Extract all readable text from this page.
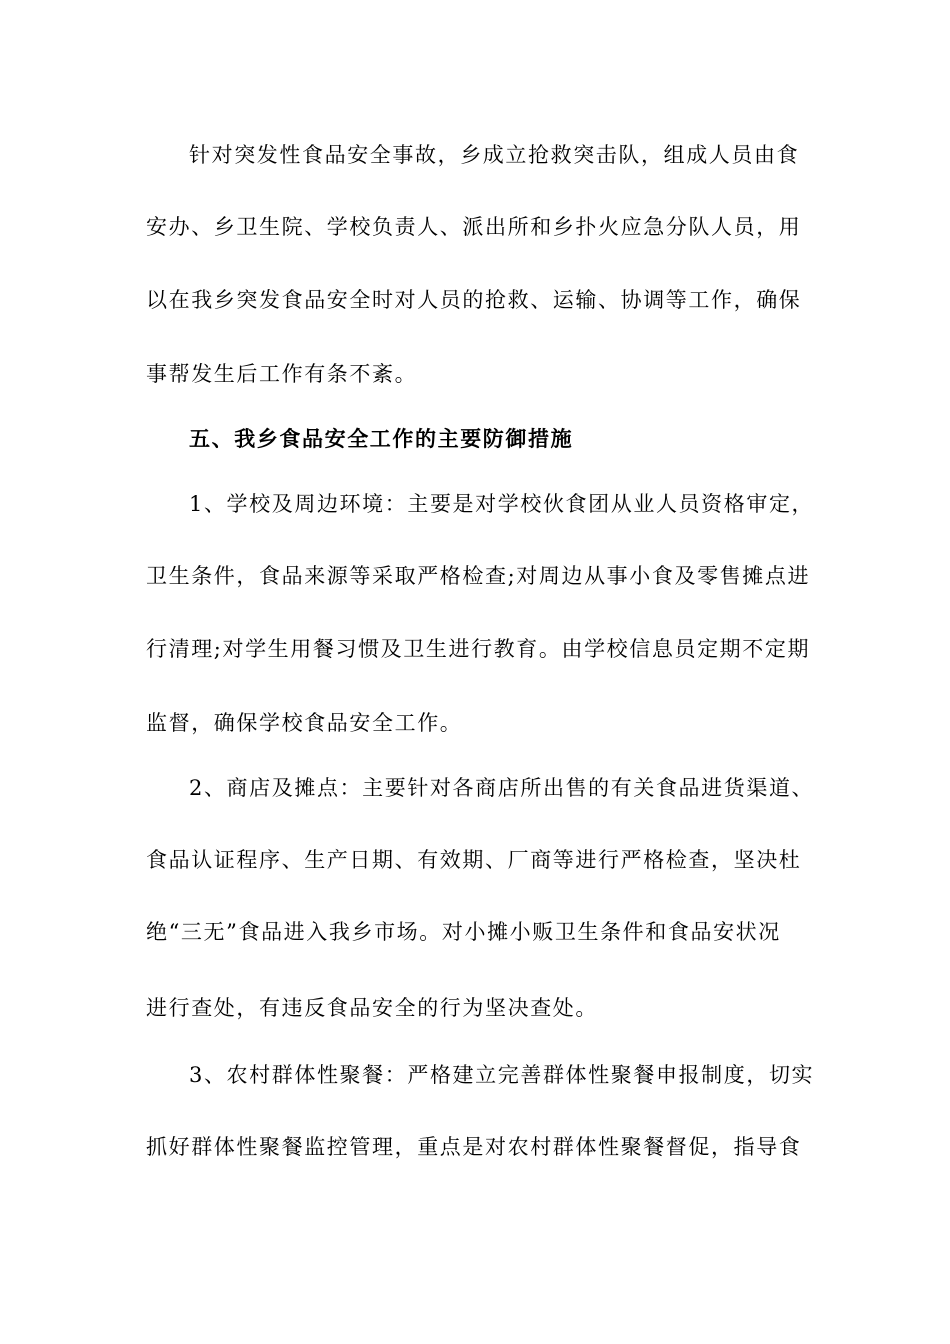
针对突发性食品安全事故，乡成立抢救突击队，组成人员由食
安办、乡卫生院、学校负责人、派出所和乡扑火应急分队人员，用
以在我乡突发食品安全时对人员的抢救、运输、协调等工作，确保
事帮发生后工作有条不紊。
五、我乡食品安全工作的主要防御措施
1、学校及周边环境：主要是对学校伙食团从业人员资格审定，
卫生条件，食品来源等采取严格检查;对周边从事小食及零售摊点进
行清理;对学生用餐习惯及卫生进行教育。由学校信息员定期不定期
监督，确保学校食品安全工作。
2、商店及摊点：主要针对各商店所出售的有关食品进货渠道、
食品认证程序、生产日期、有效期、厂商等进行严格检查，坚决杜
绝“三无”食品进入我乡市场。对小摊小贩卫生条件和食品安状况
进行查处，有违反食品安全的行为坚决查处。
3、农村群体性聚餐：严格建立完善群体性聚餐申报制度，切实
抓好群体性聚餐监控管理，重点是对农村群体性聚餐督促，指导食
